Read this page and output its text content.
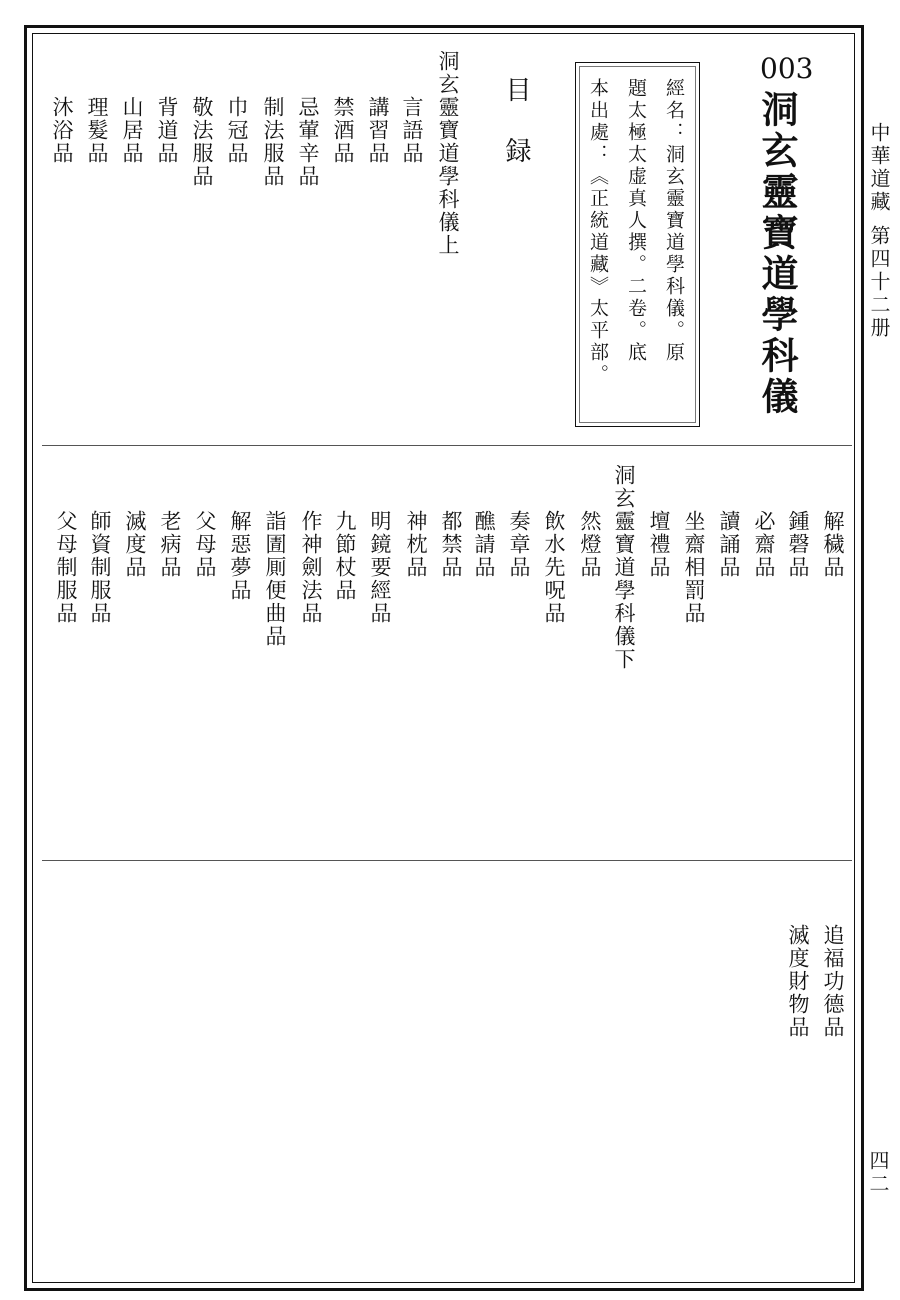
中華道藏
第四十二册
四二
003
洞玄靈寶道學科儀
經名：洞玄靈寶道學科儀。原
題太極太虚真人撰。二卷。底
本出處：《正統道藏》太平部。
目
録
洞玄靈寶道學科儀上
言語品
講習品
禁酒品
忌葷辛品
制法服品
巾冠品
敬法服品
背道品
山居品
理髮品
沐浴品
解穢品
鍾磬品
必齋品
讀誦品
坐齋相罰品
壇禮品
然燈品 洞玄靈寶道學科儀下
飲水先呪品
奏章品
醮請品
都禁品
神枕品
明鏡要經品
九節杖品
作神劍法品
詣圊厠便曲品
解惡夢品
父母品
老病品
滅度品
師資制服品
父母制服品
追福功德品
滅度財物品
